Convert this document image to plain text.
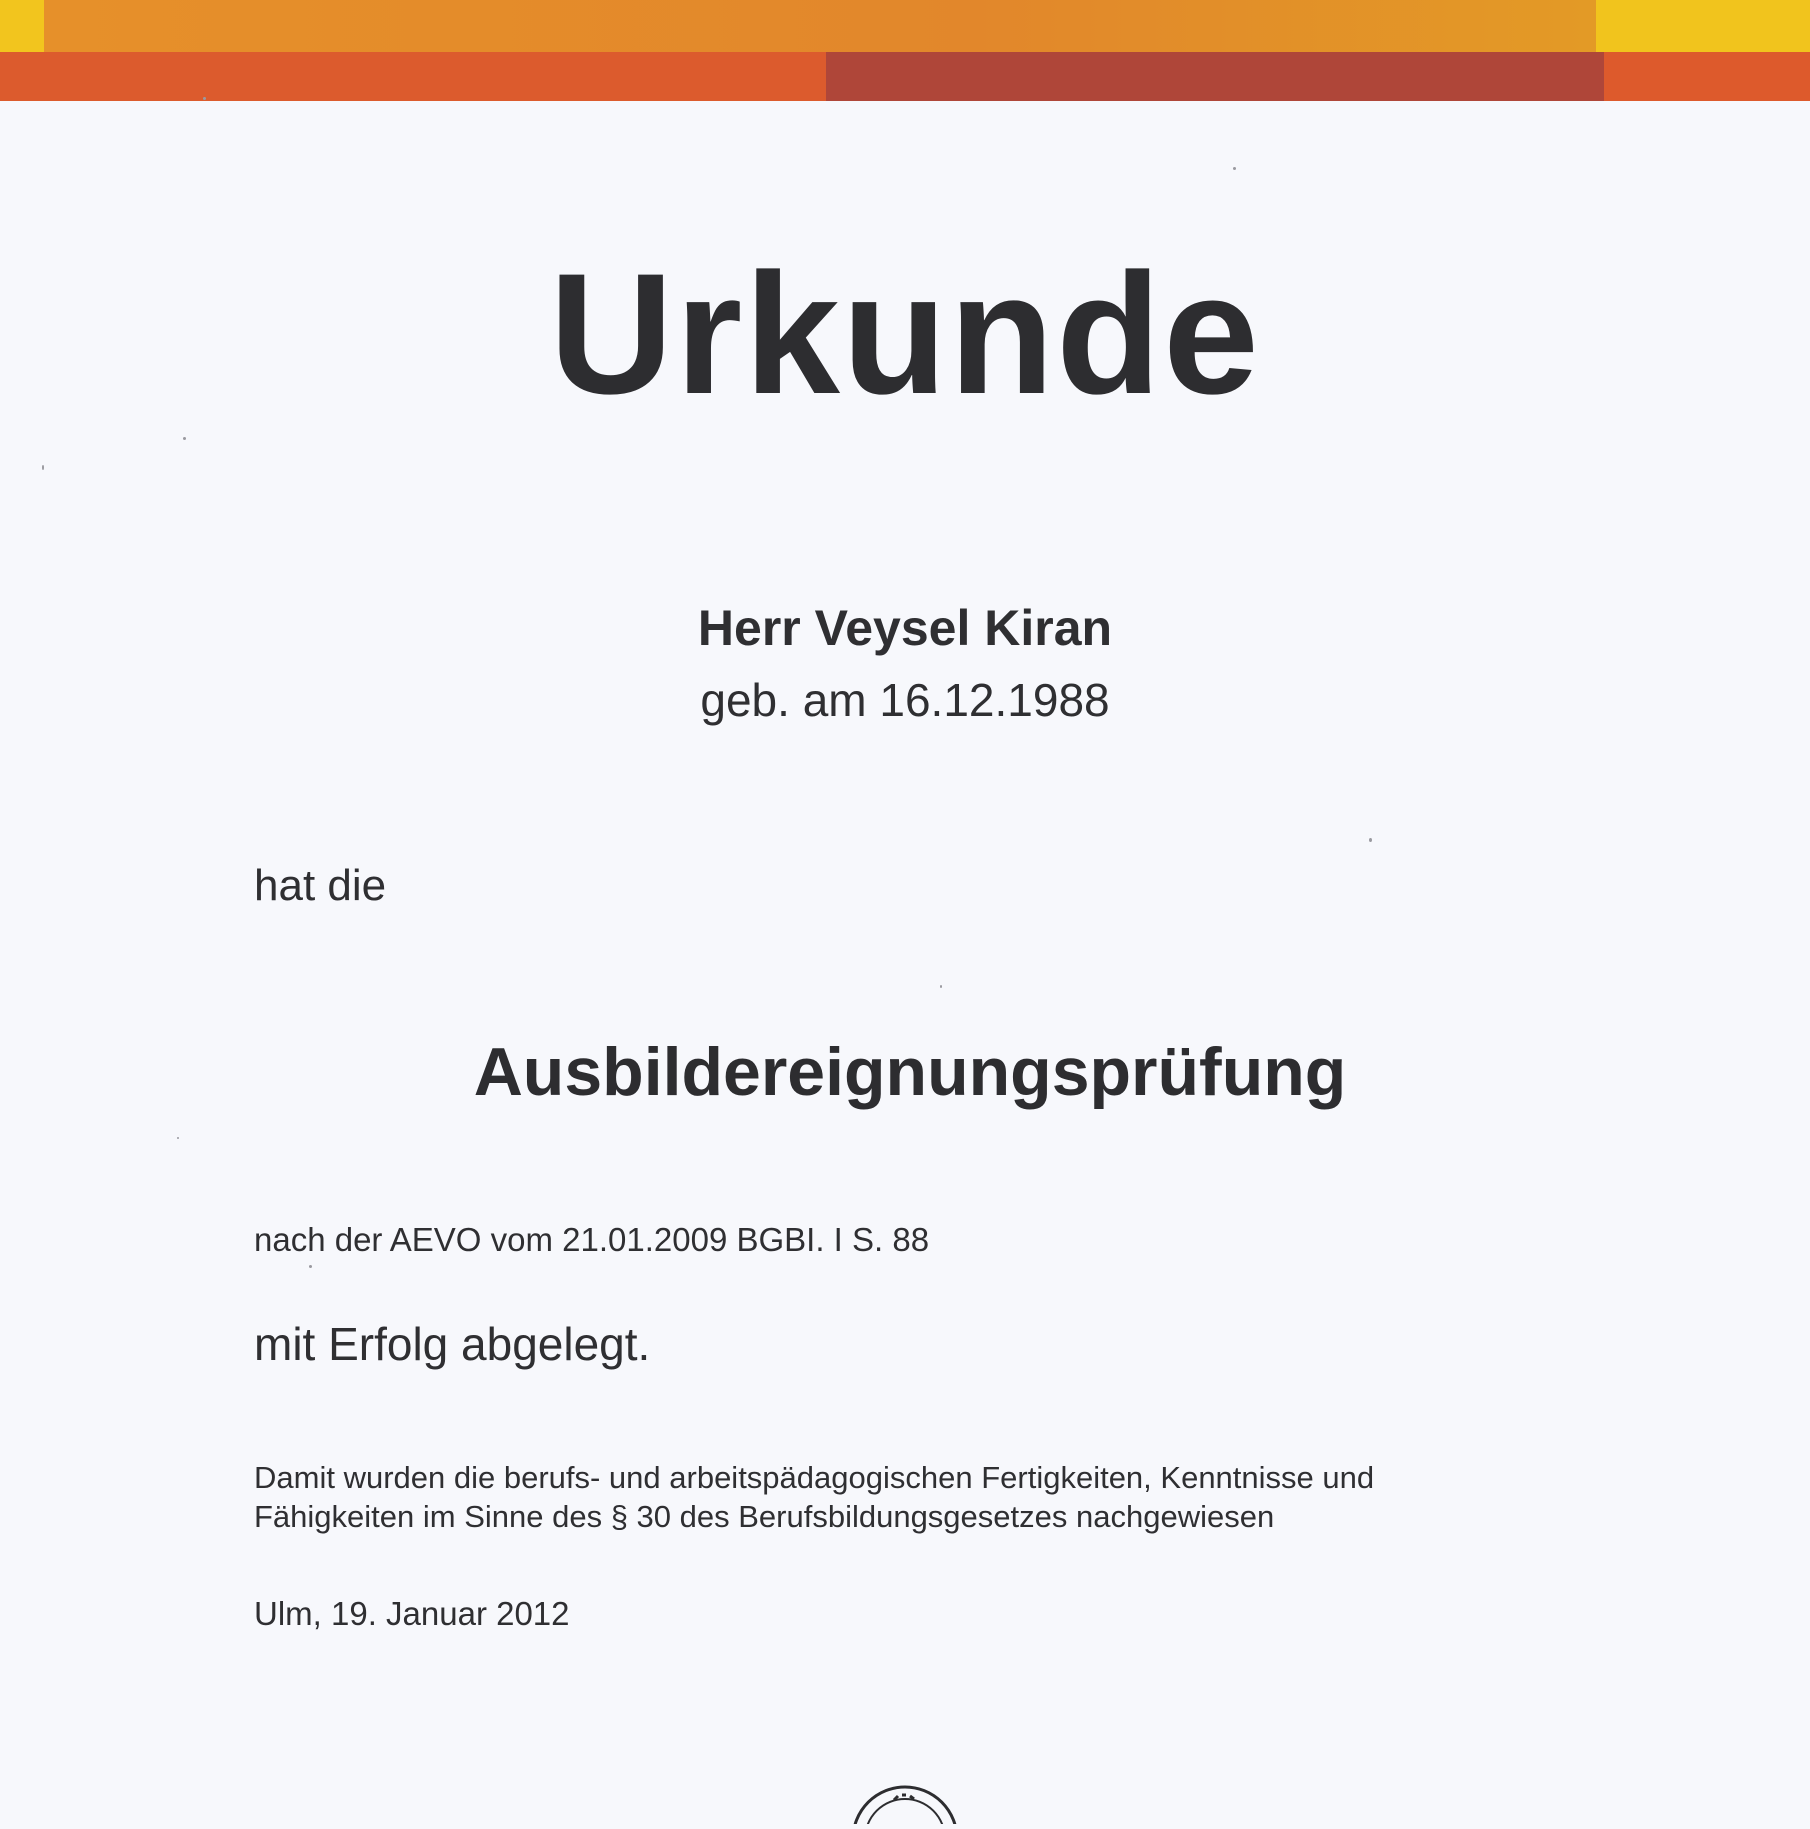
Urkunde
Herr Veysel Kiran
geb. am 16.12.1988
hat die
Ausbildereignungsprüfung
nach der AEVO vom 21.01.2009 BGBI. I S. 88
mit Erfolg abgelegt.
Damit wurden die berufs- und arbeitspädagogischen Fertigkeiten, Kenntnisse und
Fähigkeiten im Sinne des § 30 des Berufsbildungsgesetzes nachgewiesen
Ulm, 19. Januar 2012
